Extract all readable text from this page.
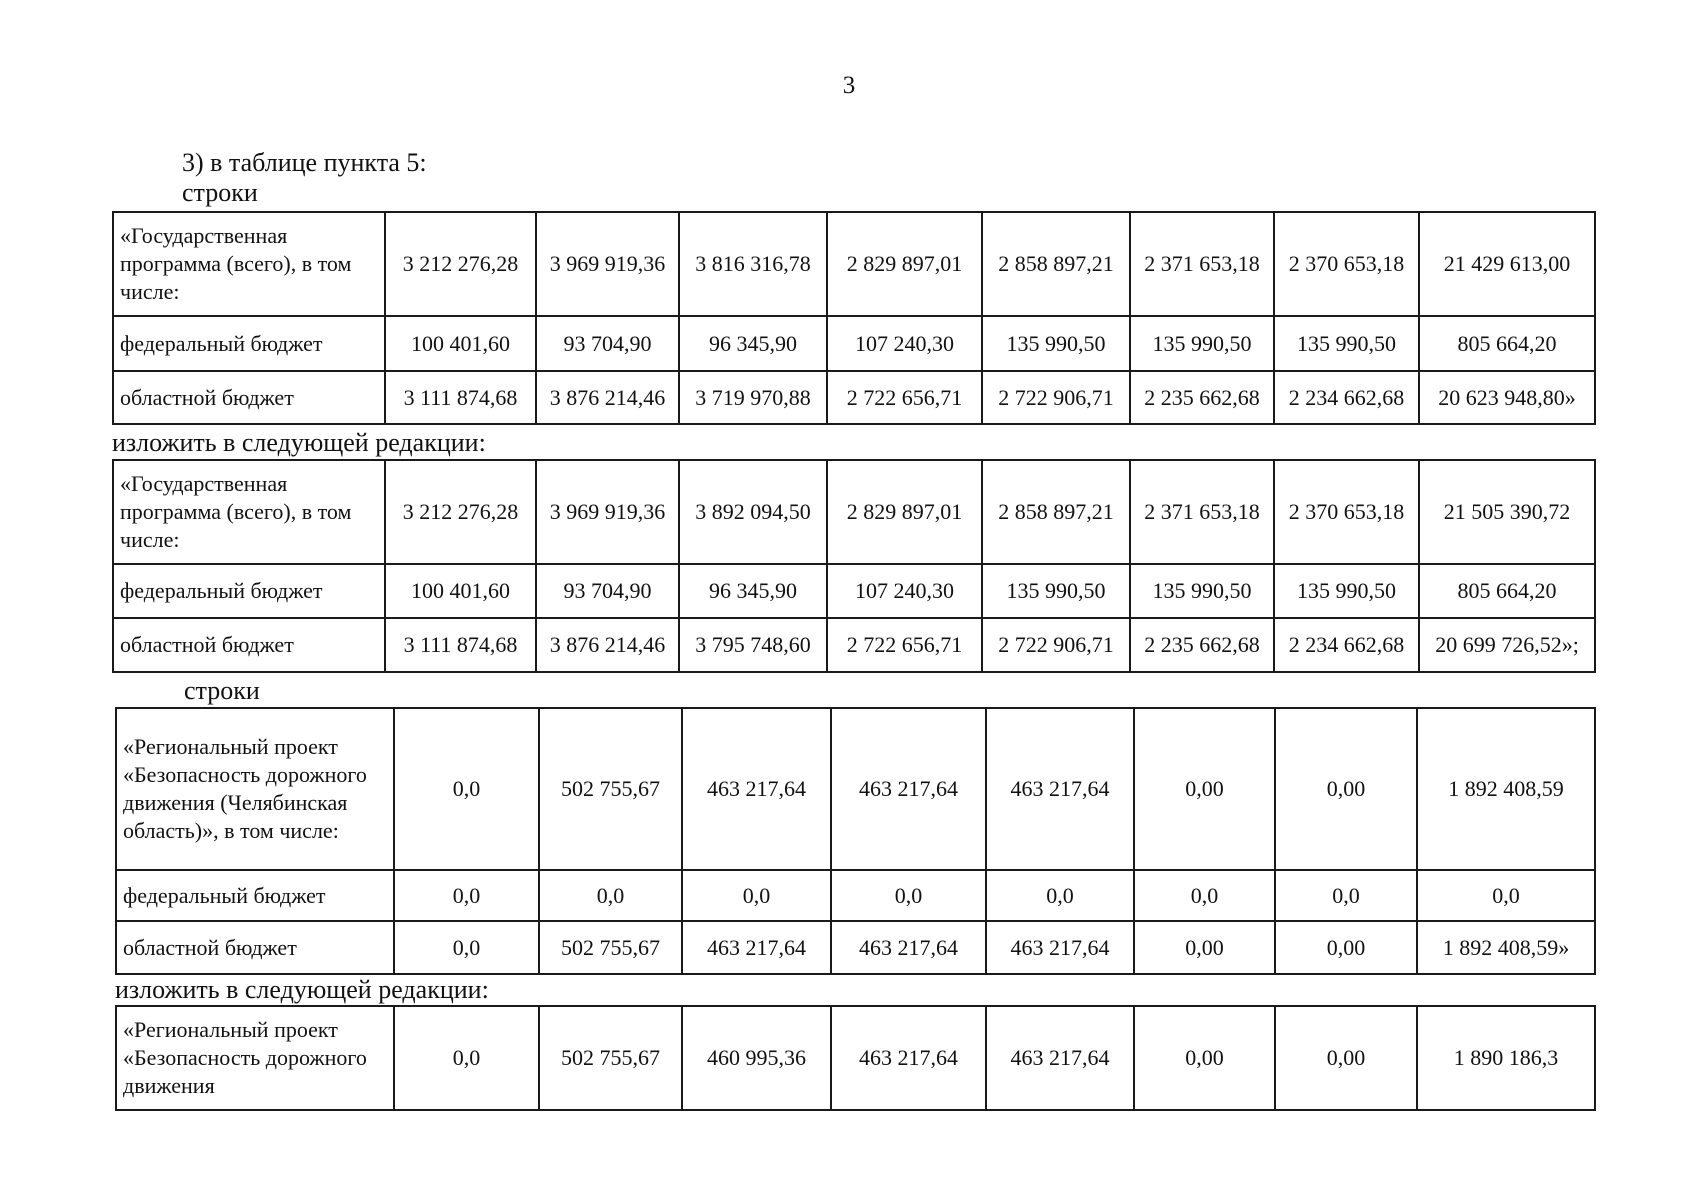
3
3) в таблице пункта 5:
строки
«Государственная программа (всего), в том числе:	3 212 276,28	3 969 919,36	3 816 316,78	2 829 897,01	2 858 897,21	2 371 653,18	2 370 653,18	21 429 613,00
федеральный бюджет	100 401,60	93 704,90	96 345,90	107 240,30	135 990,50	135 990,50	135 990,50	805 664,20
областной бюджет	3 111 874,68	3 876 214,46	3 719 970,88	2 722 656,71	2 722 906,71	2 235 662,68	2 234 662,68	20 623 948,80»
изложить в следующей редакции:
«Государственная программа (всего), в том числе:	3 212 276,28	3 969 919,36	3 892 094,50	2 829 897,01	2 858 897,21	2 371 653,18	2 370 653,18	21 505 390,72
федеральный бюджет	100 401,60	93 704,90	96 345,90	107 240,30	135 990,50	135 990,50	135 990,50	805 664,20
областной бюджет	3 111 874,68	3 876 214,46	3 795 748,60	2 722 656,71	2 722 906,71	2 235 662,68	2 234 662,68	20 699 726,52»;
строки
«Региональный проект «Безопасность дорожного движения (Челябинская область)», в том числе:	0,0	502 755,67	463 217,64	463 217,64	463 217,64	0,00	0,00	1 892 408,59
федеральный бюджет	0,0	0,0	0,0	0,0	0,0	0,0	0,0	0,0
областной бюджет	0,0	502 755,67	463 217,64	463 217,64	463 217,64	0,00	0,00	1 892 408,59»
изложить в следующей редакции:
«Региональный проект «Безопасность дорожного движения	0,0	502 755,67	460 995,36	463 217,64	463 217,64	0,00	0,00	1 890 186,3
